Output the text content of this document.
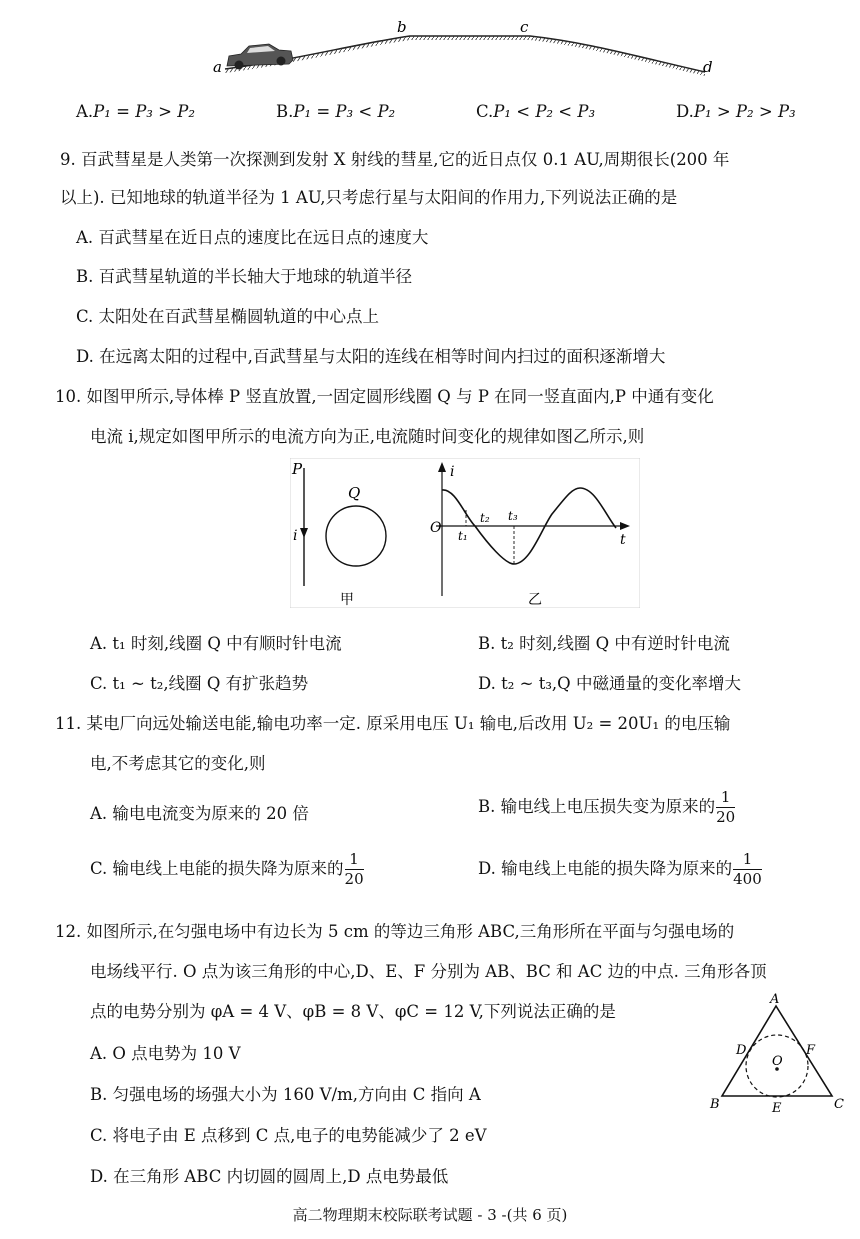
a
b	c
d
A.P₁ = P₃ > P₂	B.P₁ = P₃ < P₂	C.P₁ < P₂ < P₃	D.P₁ > P₂ > P₃
9. 百武彗星是人类第一次探测到发射 X 射线的彗星,它的近日点仅 0.1 AU,周期很长(200 年
以上). 已知地球的轨道半径为 1 AU,只考虑行星与太阳间的作用力,下列说法正确的是
A. 百武彗星在近日点的速度比在远日点的速度大
B. 百武彗星轨道的半长轴大于地球的轨道半径
C. 太阳处在百武彗星椭圆轨道的中心点上
D. 在远离太阳的过程中,百武彗星与太阳的连线在相等时间内扫过的面积逐渐增大
10. 如图甲所示,导体棒 P 竖直放置,一固定圆形线圈 Q 与 P 在同一竖直面内,P 中通有变化
电流 i,规定如图甲所示的电流方向为正,电流随时间变化的规律如图乙所示,则
P
i
Q
甲
i
O
t
t₁
t₂ t₃
乙
A. t₁ 时刻,线圈 Q 中有顺时针电流	B. t₂ 时刻,线圈 Q 中有逆时针电流
C. t₁ ~ t₂,线圈 Q 有扩张趋势	D. t₂ ~ t₃,Q 中磁通量的变化率增大
11. 某电厂向远处输送电能,输电功率一定. 原采用电压 U₁ 输电,后改用 U₂ = 20U₁ 的电压输
电,不考虑其它的变化,则
A. 输电电流变为原来的 20 倍	B. 输电线上电压损失变为原来的 $\frac{1}{20}$
C. 输电线上电能的损失降为原来的 $\frac{1}{20}$	D. 输电线上电能的损失降为原来的 $\frac{1}{400}$
12. 如图所示,在匀强电场中有边长为 5 cm 的等边三角形 ABC,三角形所在平面与匀强电场的
电场线平行. O 点为该三角形的中心,D、E、F 分别为 AB、BC 和 AC 边的中点. 三角形各顶
点的电势分别为 φA = 4 V、φB = 8 V、φC = 12 V,下列说法正确的是
A. O 点电势为 10 V
B. 匀强电场的场强大小为 160 V/m,方向由 C 指向 A
C. 将电子由 E 点移到 C 点,电子的电势能减少了 2 eV
D. 在三角形 ABC 内切圆的圆周上,D 点电势最低
A
B	C
D
E
F
O
高二物理期末校际联考试题 - 3 -(共 6 页)
